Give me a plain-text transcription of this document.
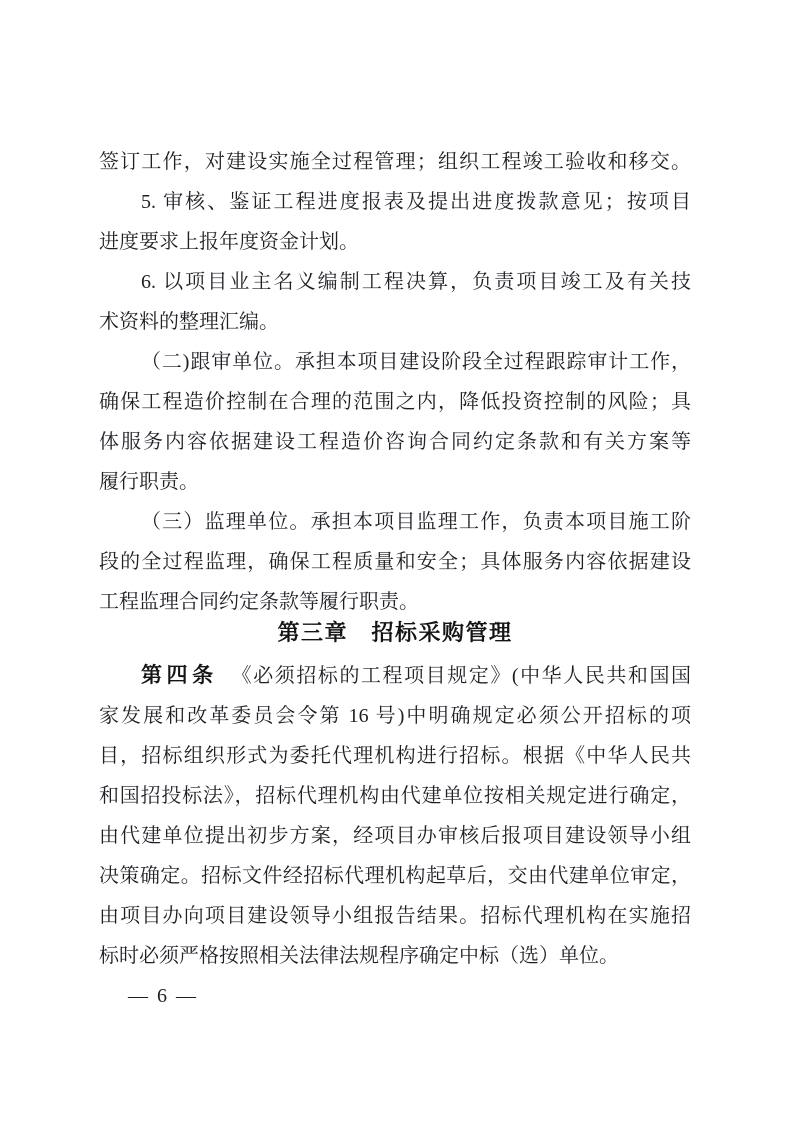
签订工作，对建设实施全过程管理；组织工程竣工验收和移交。
5. 审核、鉴证工程进度报表及提出进度拨款意见；按项目
进度要求上报年度资金计划。
6. 以项目业主名义编制工程决算，负责项目竣工及有关技
术资料的整理汇编。
（二)跟审单位。承担本项目建设阶段全过程跟踪审计工作，
确保工程造价控制在合理的范围之内，降低投资控制的风险；具
体服务内容依据建设工程造价咨询合同约定条款和有关方案等
履行职责。
（三）监理单位。承担本项目监理工作，负责本项目施工阶
段的全过程监理，确保工程质量和安全；具体服务内容依据建设
工程监理合同约定条款等履行职责。
第三章　招标采购管理
第四条 《必须招标的工程项目规定》(中华人民共和国国
家发展和改革委员会令第 16 号)中明确规定必须公开招标的项
目，招标组织形式为委托代理机构进行招标。根据《中华人民共
和国招投标法》，招标代理机构由代建单位按相关规定进行确定，
由代建单位提出初步方案，经项目办审核后报项目建设领导小组
决策确定。招标文件经招标代理机构起草后，交由代建单位审定，
由项目办向项目建设领导小组报告结果。招标代理机构在实施招
标时必须严格按照相关法律法规程序确定中标（选）单位。
— 6 —
